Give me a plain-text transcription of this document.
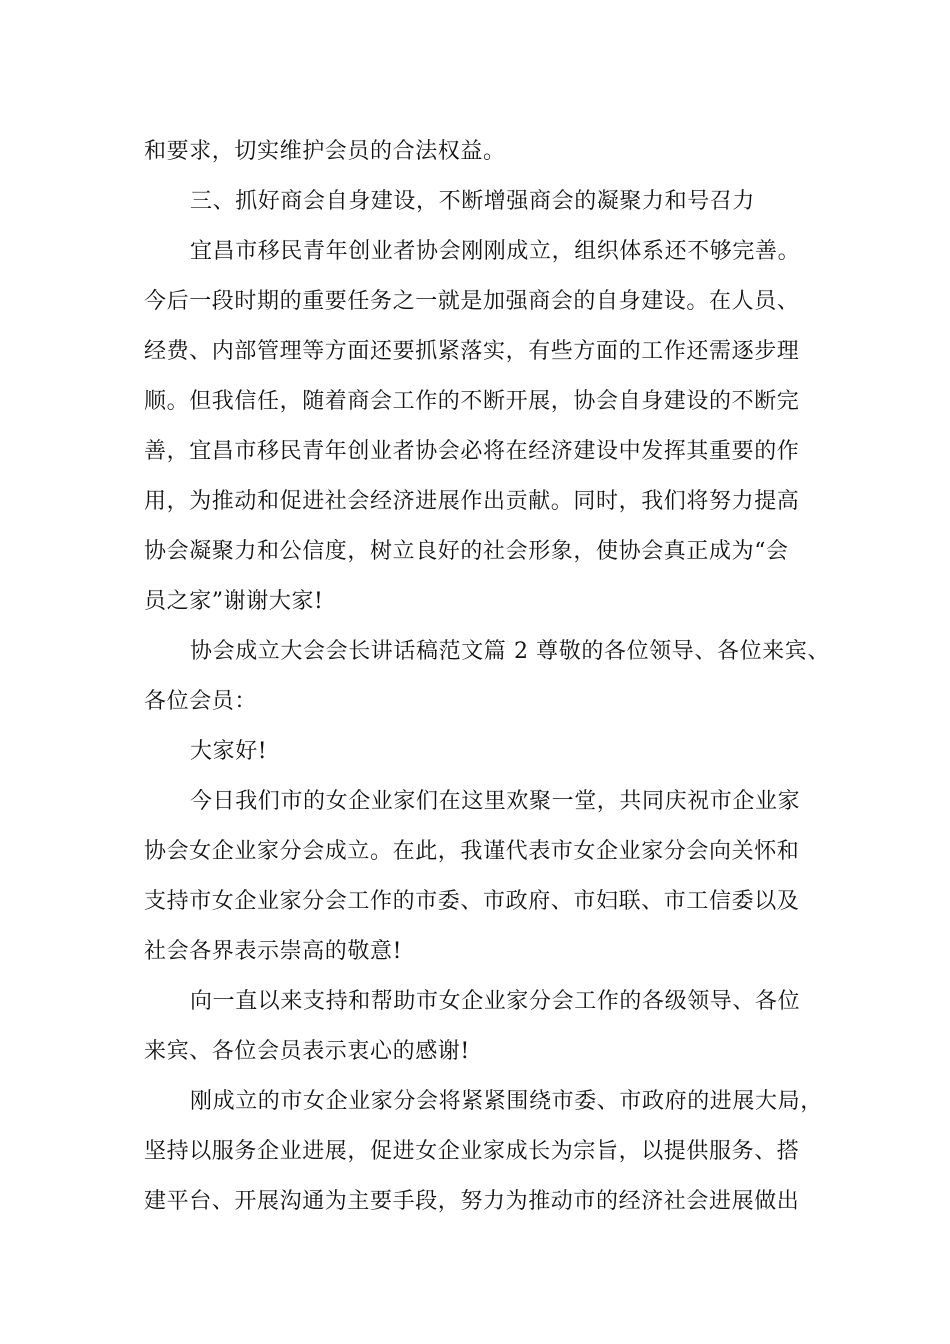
和要求，切实维护会员的合法权益。

三、抓好商会自身建设，不断增强商会的凝聚力和号召力

宜昌市移民青年创业者协会刚刚成立，组织体系还不够完善。

今后一段时期的重要任务之一就是加强商会的自身建设。在人员、

经费、内部管理等方面还要抓紧落实，有些方面的工作还需逐步理

顺。但我信任，随着商会工作的不断开展，协会自身建设的不断完

善，宜昌市移民青年创业者协会必将在经济建设中发挥其重要的作

用，为推动和促进社会经济进展作出贡献。同时，我们将努力提高

协会凝聚力和公信度，树立良好的社会形象，使协会真正成为“会

员之家”谢谢大家!

协会成立大会会长讲话稿范文篇 2 尊敬的各位领导、各位来宾、

各位会员：

大家好!

今日我们市的女企业家们在这里欢聚一堂，共同庆祝市企业家

协会女企业家分会成立。在此，我谨代表市女企业家分会向关怀和

支持市女企业家分会工作的市委、市政府、市妇联、市工信委以及

社会各界表示崇高的敬意!

向一直以来支持和帮助市女企业家分会工作的各级领导、各位

来宾、各位会员表示衷心的感谢!

刚成立的市女企业家分会将紧紧围绕市委、市政府的进展大局，

坚持以服务企业进展，促进女企业家成长为宗旨，以提供服务、搭

建平台、开展沟通为主要手段，努力为推动市的经济社会进展做出
